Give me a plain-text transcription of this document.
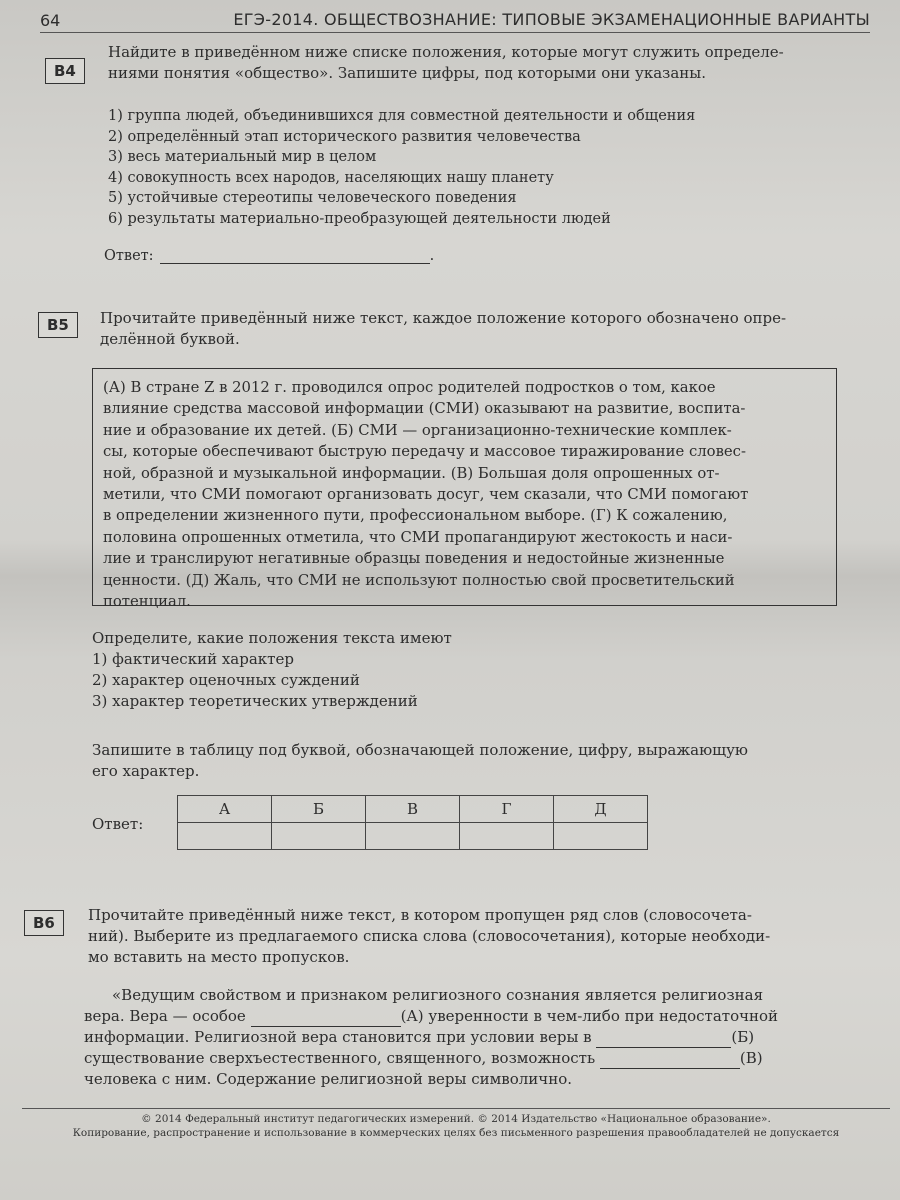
64	ЕГЭ-2014. ОБЩЕСТВОЗНАНИЕ: ТИПОВЫЕ ЭКЗАМЕНАЦИОННЫЕ ВАРИАНТЫ
B4
Найдите в приведённом ниже списке положения, которые могут служить определе-
ниями понятия «общество». Запишите цифры, под которыми они указаны.
1) группа людей, объединившихся для совместной деятельности и общения
2) определённый этап исторического развития человечества
3) весь материальный мир в целом
4) совокупность всех народов, населяющих нашу планету
5) устойчивые стереотипы человеческого поведения
6) результаты материально-преобразующей деятельности людей
Ответ:	.
B5	Прочитайте приведённый ниже текст, каждое положение которого обозначено опре-
делённой буквой.
(А) В стране Z в 2012 г. проводился опрос родителей подростков о том, какое
влияние средства массовой информации (СМИ) оказывают на развитие, воспита-
ние и образование их детей. (Б) СМИ — организационно-технические комплек-
сы, которые обеспечивают быструю передачу и массовое тиражирование словес-
ной, образной и музыкальной информации. (В) Большая доля опрошенных от-
метили, что СМИ помогают организовать досуг, чем сказали, что СМИ помогают
в определении жизненного пути, профессиональном выборе. (Г) К сожалению,
половина опрошенных отметила, что СМИ пропагандируют жестокость и наси-
лие и транслируют негативные образцы поведения и недостойные жизненные
ценности. (Д) Жаль, что СМИ не используют полностью свой просветительский
потенциал.
Определите, какие положения текста имеют
1) фактический характер
2) характер оценочных суждений
3) характер теоретических утверждений
Запишите в таблицу под буквой, обозначающей положение, цифру, выражающую
его характер.
Ответ:
А	Б	В	Г	Д

B6	Прочитайте приведённый ниже текст, в котором пропущен ряд слов (словосочета-
ний). Выберите из предлагаемого списка слова (словосочетания), которые необходи-
мо вставить на место пропусков.
«Ведущим свойством и признаком религиозного сознания является религиозная
вера. Вера — особое	(А) уверенности в чем-либо при недостаточной
информации. Религиозной вера становится при условии веры в	(Б)
существование сверхъестественного, священного, возможность	(В)
человека с ним. Содержание религиозной веры символично.
© 2014 Федеральный институт педагогических измерений. © 2014 Издательство «Национальное образование».
Копирование, распространение и использование в коммерческих целях без письменного разрешения правообладателей не допускается
